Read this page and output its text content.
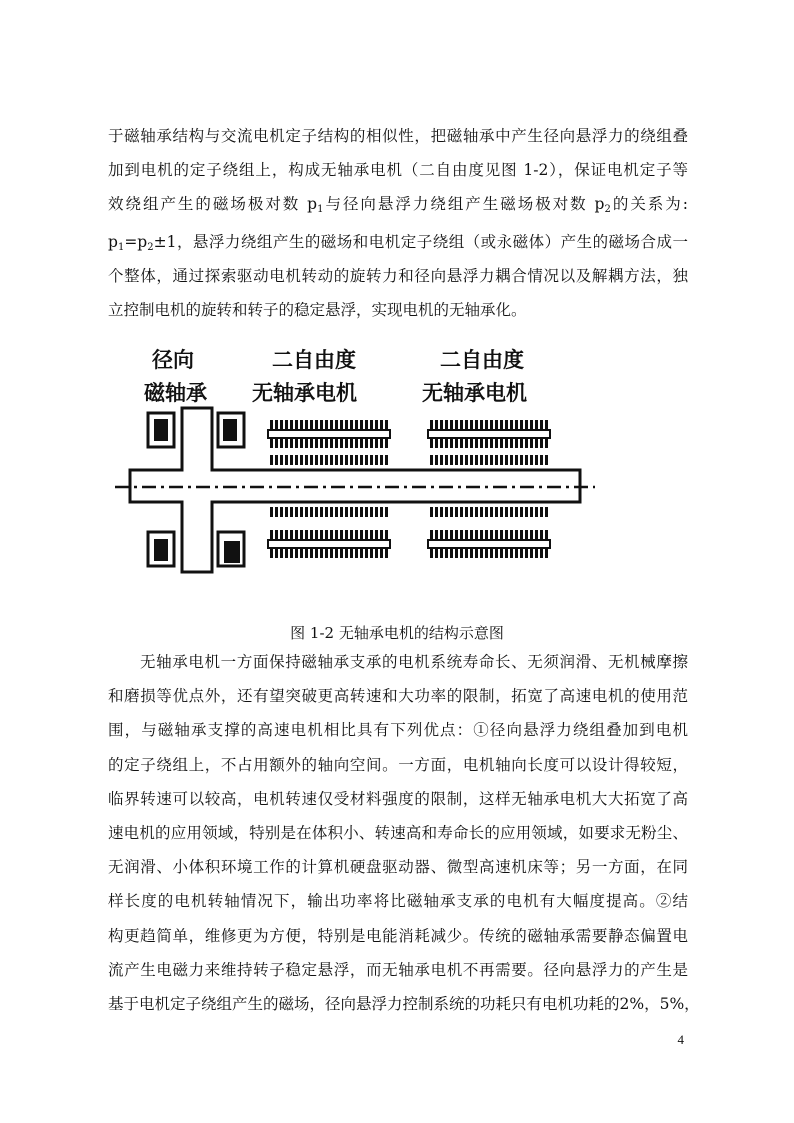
于磁轴承结构与交流电机定子结构的相似性，把磁轴承中产生径向悬浮力的绕组叠
加到电机的定子绕组上，构成无轴承电机（二自由度见图 1-2），保证电机定子等
效绕组产生的磁场极对数 $p_1$与径向悬浮力绕组产生磁场极对数 $p_2$的关系为:
$p_1=p_2\pm 1$，悬浮力绕组产生的磁场和电机定子绕组（或永磁体）产生的磁场合成一
个整体，通过探索驱动电机转动的旋转力和径向悬浮力耦合情况以及解耦方法，独
立控制电机的旋转和转子的稳定悬浮，实现电机的无轴承化。
径向
磁轴承
二自由度
无轴承电机
二自由度
无轴承电机
图 1-2 无轴承电机的结构示意图
无轴承电机一方面保持磁轴承支承的电机系统寿命长、无须润滑、无机械摩擦
和磨损等优点外，还有望突破更高转速和大功率的限制，拓宽了高速电机的使用范
围，与磁轴承支撑的高速电机相比具有下列优点：①径向悬浮力绕组叠加到电机
的定子绕组上，不占用额外的轴向空间。一方面，电机轴向长度可以设计得较短，
临界转速可以较高，电机转速仅受材料强度的限制，这样无轴承电机大大拓宽了高
速电机的应用领域，特别是在体积小、转速高和寿命长的应用领域，如要求无粉尘、
无润滑、小体积环境工作的计算机硬盘驱动器、微型高速机床等；另一方面，在同
样长度的电机转轴情况下，输出功率将比磁轴承支承的电机有大幅度提高。②结
构更趋简单，维修更为方便，特别是电能消耗减少。传统的磁轴承需要静态偏置电
流产生电磁力来维持转子稳定悬浮，而无轴承电机不再需要。径向悬浮力的产生是
基于电机定子绕组产生的磁场，径向悬浮力控制系统的功耗只有电机功耗的2%，5%，
4
